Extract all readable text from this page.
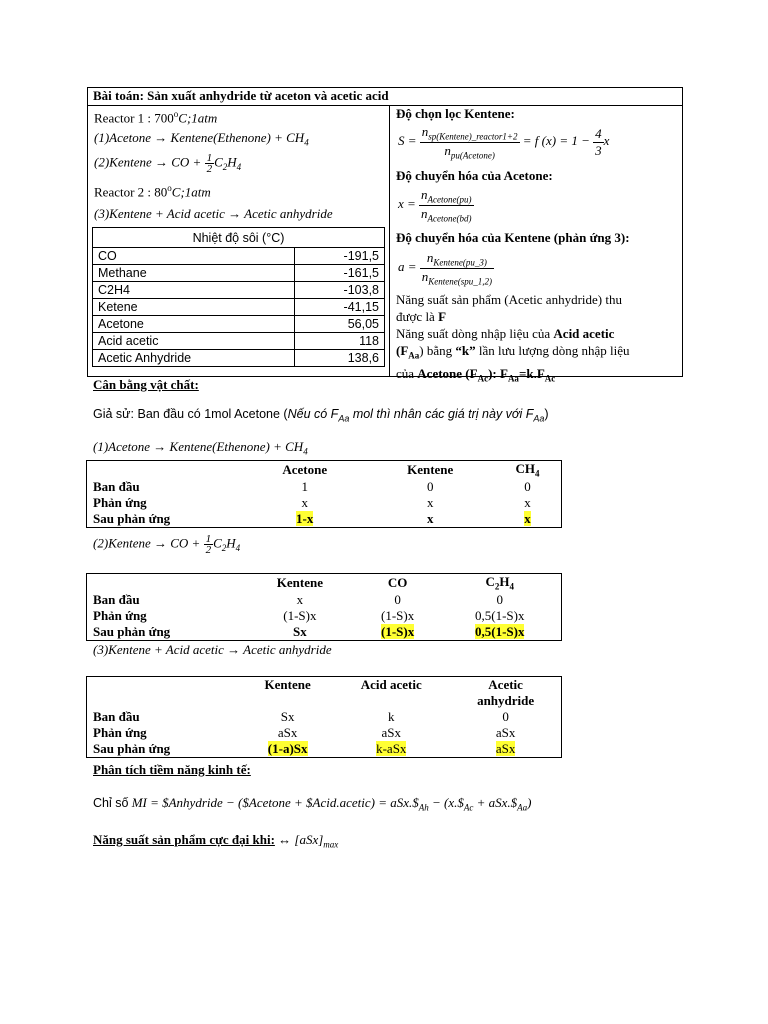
Bài toán: Sản xuất anhydride từ aceton và acetic acid
Reactor 1 : 700$^o$C;1atm
(1)Acetone → Kentene(Ethenone) + $CH_4$
(2)Kentene → CO + $\frac{1}{2} C_2H_4$
Reactor 2 : 80$^o$C;1atm
(3)Kentene + Acid acetic → Acetic anhydride
Nhiệt độ sôi (°C)	
CO	-191,5
Methane	-161,5
C2H4	-103,8
Ketene	-41,15
Acetone	56,05
Acid acetic	118
Acetic Anhydride	138,6
Độ chọn lọc Kentene:
$S = \frac{n_{sp(Kentene)\_reactor1+2}}{n_{pu(Acetone)}} = f$ $(x) = 1 - \frac{4}{3}$ x
Độ chuyển hóa của Acetone:
$x = \frac{n_{Acetone(pu)}}{n_{Acetone(bd)}}$
Độ chuyển hóa của Kentene (phản ứng 3):
$a = \frac{n_{Kentene(pu\_3)}}{n_{Kentene(spu\_1,2)}}$
Năng suất sản phẩm (Acetic anhydride) thu
được là F
Năng suất dòng nhập liệu của Acid acetic
$(F_{Aa})$ bằng “k” lần lưu lượng dòng nhập liệu
của Acetone $(F_{Ac})$: $F_{Aa}=k.F_{Ac}$
Cân bằng vật chất:
Giả sử: Ban đầu có 1mol Acetone (Nếu có $F_{Aa}$ mol thì nhân các giá trị này với $F_{Aa}$)
(1)Acetone → Kentene(Ethenone) + $CH_4$
	Acetone	Kentene	$CH_4$
Ban đầu	1	0	0
Phản ứng	x	x	x
Sau phản ứng	1-x	x	x
(2)Kentene → CO + $\frac{1}{2} C_2H_4$
	Kentene	CO	$C_2H_4$
Ban đầu	x	0	0
Phản ứng	(1-S)x	(1-S)x	0,5(1-S)x
Sau phản ứng	Sx	(1-S)x	0,5(1-S)x
(3)Kentene + Acid acetic → Acetic anhydride
	Kentene	Acid acetic	Acetic
anhydride
Ban đầu	Sx	k	0
Phản ứng	aSx	aSx	aSx
Sau phản ứng	(1-a)Sx	k-aSx	aSx
Phân tích tiềm năng kinh tế:
Chỉ số MI = $Anhydride − ($Acetone + $Acid.acetic) = $aSx.\$_{Ah}$ − ($x.\$_{Ac}$ + $aSx.\$_{Aa}$)
Năng suất sản phẩm cực đại khi: ↔ $[aSx]_{max}$
